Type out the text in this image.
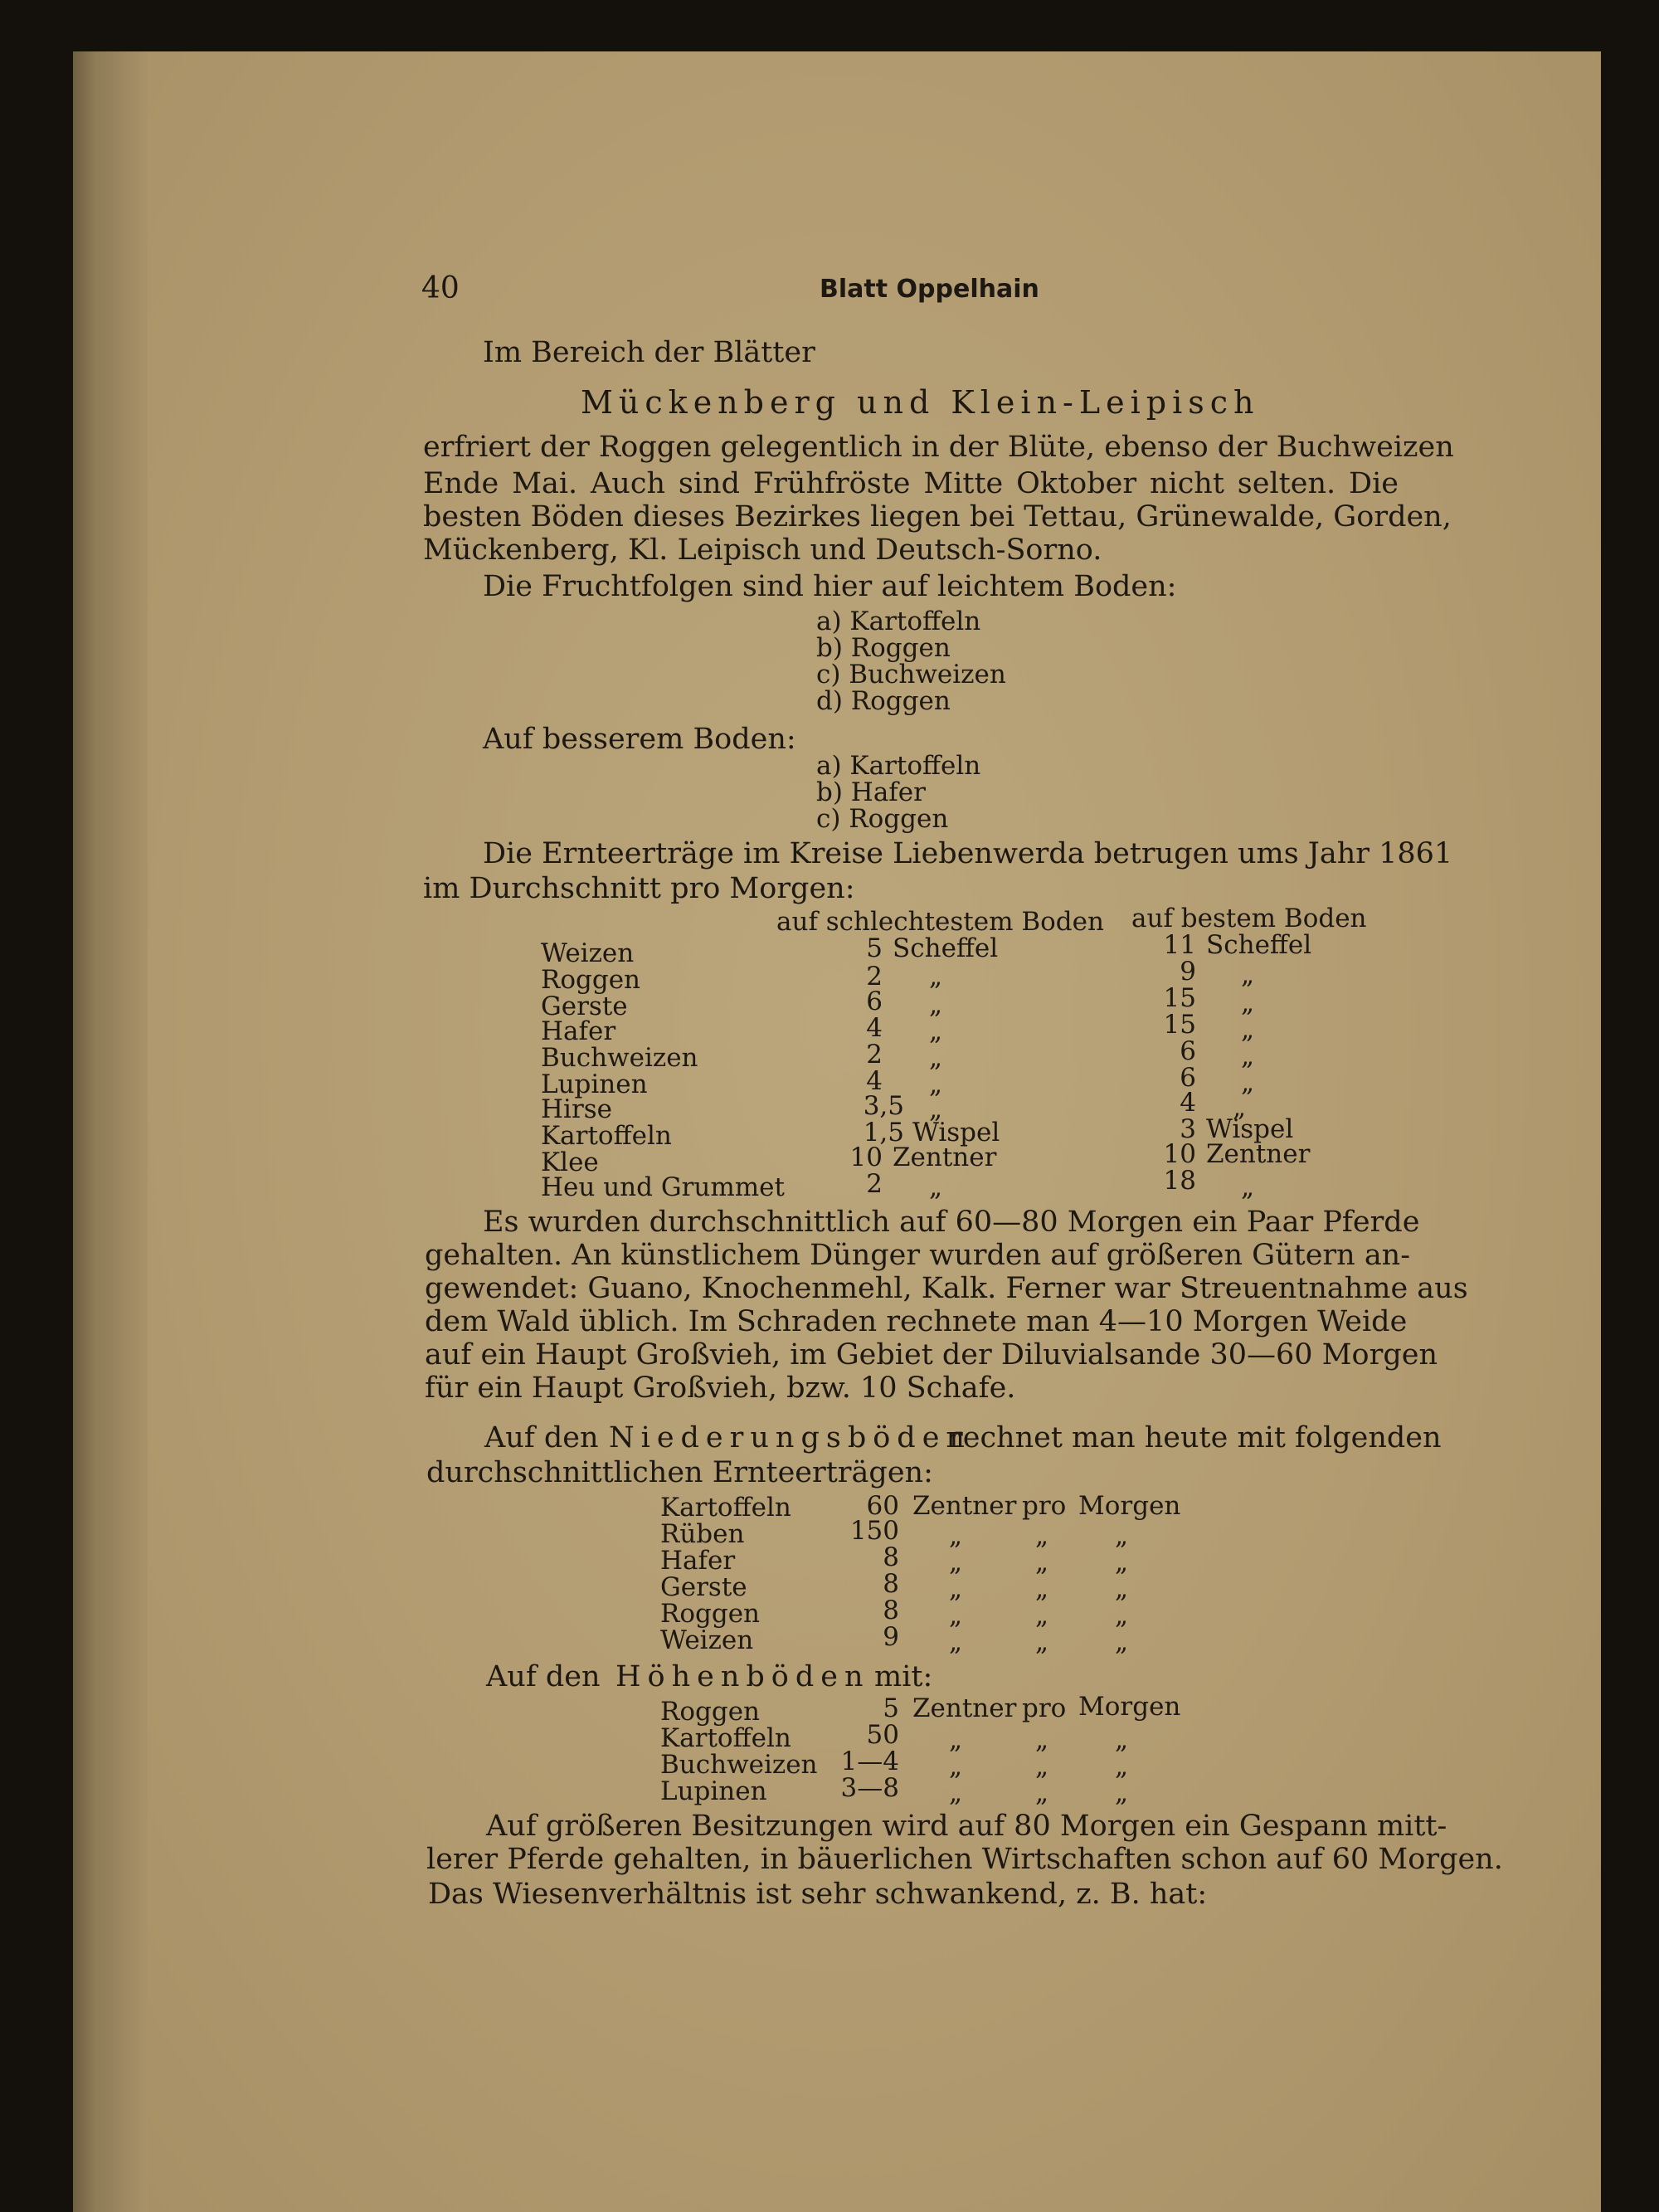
40	Blatt Oppelhain
Im Bereich der Blätter
Mückenberg und Klein-Leipisch
erfriert der Roggen gelegentlich in der Blüte, ebenso der Buchweizen
Ende Mai. Auch sind Frühfröste Mitte Oktober nicht selten. Die
besten Böden dieses Bezirkes liegen bei Tettau, Grünewalde, Gorden,
Mückenberg, Kl. Leipisch und Deutsch-Sorno.
Die Fruchtfolgen sind hier auf leichtem Boden:
a) Kartoffeln
b) Roggen
c) Buchweizen
d) Roggen
Auf besserem Boden:
a) Kartoffeln
b) Hafer
c) Roggen
Die Ernteerträge im Kreise Liebenwerda betrugen ums Jahr 1861
im Durchschnitt pro Morgen:
auf schlechtestem Boden auf bestem Boden
Weizen	5 Scheffel	11 Scheffel
Roggen	2 „	9 „
Gerste	6 „	15 „
Hafer	4 „	15 „
Buchweizen	2 „	6 „
Lupinen	4 „	6 „
Hirse	3,5 „	4 „
Kartoffeln	1,5 Wispel	3 Wispel
Klee	10 Zentner	10 Zentner
Heu und Grummet	2 „	18 „
Es wurden durchschnittlich auf 60—80 Morgen ein Paar Pferde
gehalten. An künstlichem Dünger wurden auf größeren Gütern an-
gewendet: Guano, Knochenmehl, Kalk. Ferner war Streuentnahme aus
dem Wald üblich. Im Schraden rechnete man 4—10 Morgen Weide
auf ein Haupt Großvieh, im Gebiet der Diluvialsande 30—60 Morgen
für ein Haupt Großvieh, bzw. 10 Schafe.
Auf den Niederungsböden
rechnet man heute mit folgenden
durchschnittlichen Ernteerträgen:
Kartoffeln	60 Zentner pro Morgen
Rüben	150 „	„	„
Hafer	8 „	„	„
Gerste	8 „	„	„
Roggen	8 „	„	„
Weizen	9 „	„	„
Auf den Höhenböden mit:
Roggen	5 Zentner pro Morgen
Kartoffeln	50 „	„	„
Buchweizen 1—4 „	„	„
Lupinen	3—8 „	„	„
Auf größeren Besitzungen wird auf 80 Morgen ein Gespann mitt-
lerer Pferde gehalten, in bäuerlichen Wirtschaften schon auf 60 Morgen.
Das Wiesenverhältnis ist sehr schwankend, z. B. hat:
